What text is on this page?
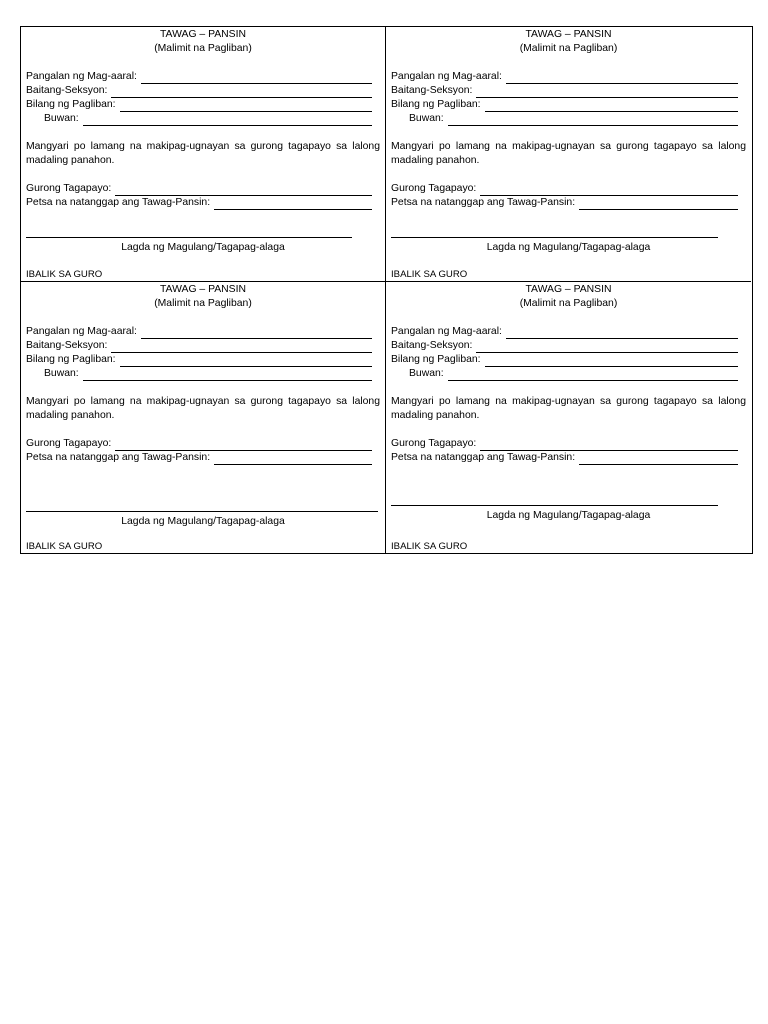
TAWAG – PANSIN
(Malimit na Pagliban)
Pangalan ng Mag-aaral:
Baitang-Seksyon:
Bilang ng Pagliban:
Buwan:
Mangyari po lamang na makipag-ugnayan sa gurong tagapayo sa lalong madaling panahon.
Gurong Tagapayo:
Petsa na natanggap ang Tawag-Pansin:
Lagda ng Magulang/Tagapag-alaga
IBALIK SA GURO
TAWAG – PANSIN
(Malimit na Pagliban)
Pangalan ng Mag-aaral:
Baitang-Seksyon:
Bilang ng Pagliban:
Buwan:
Mangyari po lamang na makipag-ugnayan sa gurong tagapayo sa lalong madaling panahon.
Gurong Tagapayo:
Petsa na natanggap ang Tawag-Pansin:
Lagda ng Magulang/Tagapag-alaga
IBALIK SA GURO
TAWAG – PANSIN
(Malimit na Pagliban)
Pangalan ng Mag-aaral:
Baitang-Seksyon:
Bilang ng Pagliban:
Buwan:
Mangyari po lamang na makipag-ugnayan sa gurong tagapayo sa lalong madaling panahon.
Gurong Tagapayo:
Petsa na natanggap ang Tawag-Pansin:
Lagda ng Magulang/Tagapag-alaga
IBALIK SA GURO
TAWAG – PANSIN
(Malimit na Pagliban)
Pangalan ng Mag-aaral:
Baitang-Seksyon:
Bilang ng Pagliban:
Buwan:
Mangyari po lamang na makipag-ugnayan sa gurong tagapayo sa lalong madaling panahon.
Gurong Tagapayo:
Petsa na natanggap ang Tawag-Pansin:
Lagda ng Magulang/Tagapag-alaga
IBALIK SA GURO
